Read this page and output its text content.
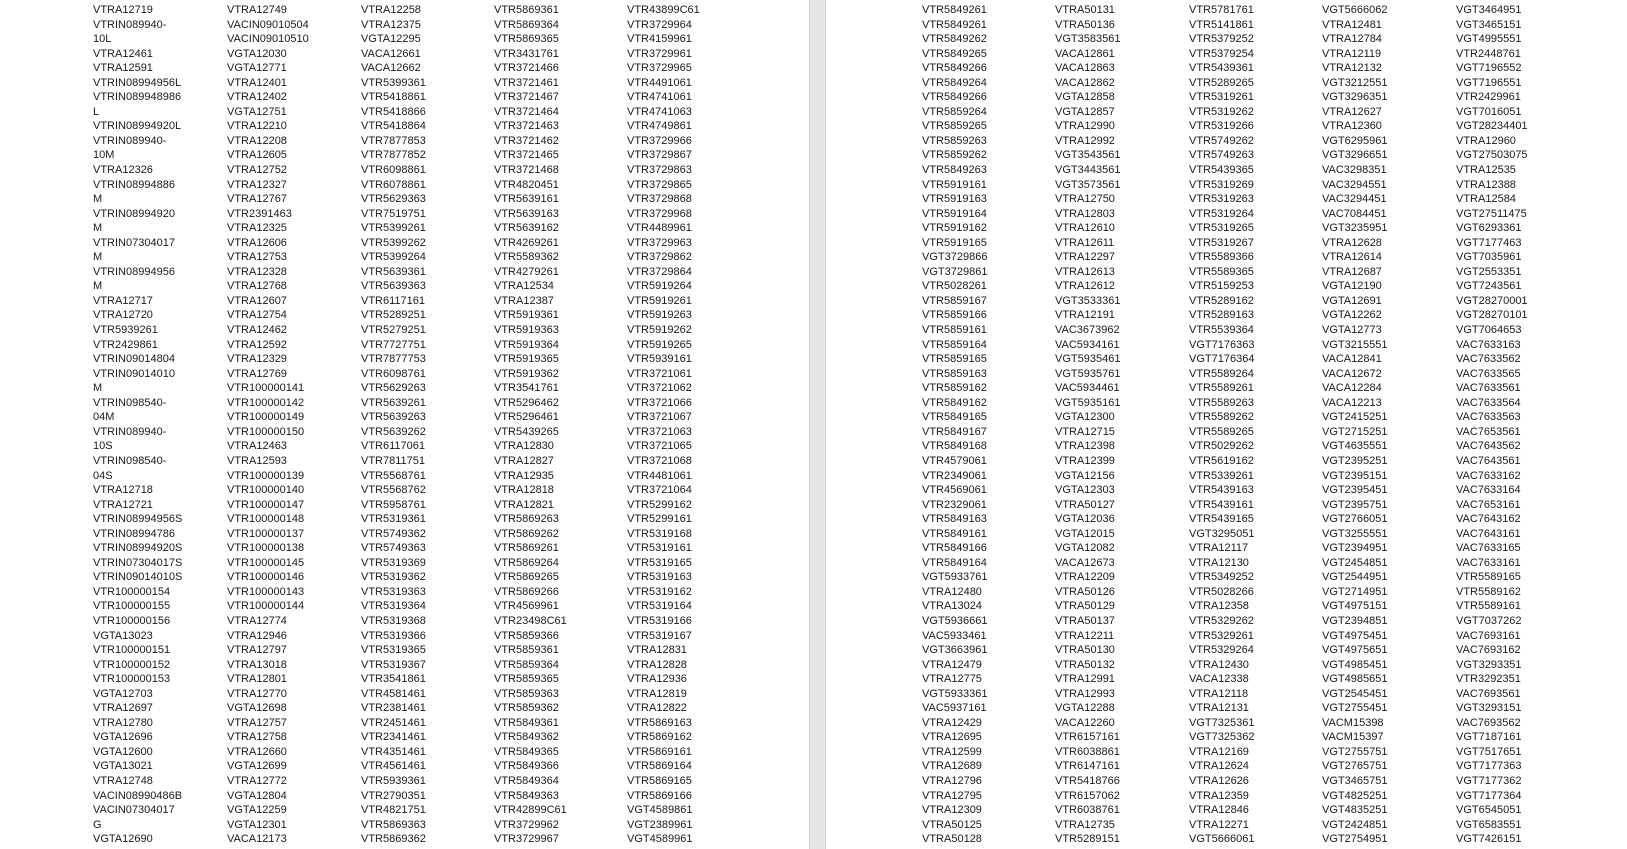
VTRA12719
VTRIN089940-
10L
VTRA12461
VTRA12591
VTRIN08994956L
VTRIN089948986
L
VTRIN08994920L
VTRIN089940-
10M
VTRA12326
VTRIN08994886
M
VTRIN08994920
M
VTRIN07304017
M
VTRIN08994956
M
VTRA12717
VTRA12720
VTR5939261
VTR2429861
VTRIN09014804
VTRIN09014010
M
VTRIN098540-
04M
VTRIN089940-
10S
VTRIN098540-
04S
VTRA12718
VTRA12721
VTRIN08994956S
VTRIN08994786
VTRIN08994920S
VTRIN07304017S
VTRIN09014010S
VTR100000154
VTR100000155
VTR100000156
VGTA13023
VTR100000151
VTR100000152
VTR100000153
VGTA12703
VTRA12697
VTRA12780
VGTA12696
VGTA12600
VGTA13021
VTRA12748
VACIN08990486B
VACIN07304017
G
VGTA12690
VTRA12749
VACIN09010504
VACIN09010510
VGTA12030
VGTA12771
VTRA12401
VTRA12402
VGTA12751
VTRA12210
VTRA12208
VTRA12605
VTRA12752
VTRA12327
VTRA12767
VTR2391463
VTRA12325
VTRA12606
VTRA12753
VTRA12328
VTRA12768
VTRA12607
VTRA12754
VTRA12462
VTRA12592
VTRA12329
VTRA12769
VTR100000141
VTR100000142
VTR100000149
VTR100000150
VTRA12463
VTRA12593
VTR100000139
VTR100000140
VTR100000147
VTR100000148
VTR100000137
VTR100000138
VTR100000145
VTR100000146
VTR100000143
VTR100000144
VTRA12774
VTRA12946
VTRA12797
VTRA13018
VTRA12801
VTRA12770
VGTA12698
VTRA12757
VTRA12758
VTRA12660
VGTA12699
VTRA12772
VGTA12804
VGTA12259
VGTA12301
VACA12173
VTRA12258
VTRA12375
VGTA12295
VACA12661
VACA12662
VTR5399361
VTR5418861
VTR5418866
VTR5418864
VTR7877853
VTR7877852
VTR6098861
VTR6078861
VTR5629363
VTR7519751
VTR5399261
VTR5399262
VTR5399264
VTR5639361
VTR5639363
VTR6117161
VTR5289251
VTR5279251
VTR7727751
VTR7877753
VTR6098761
VTR5629263
VTR5639261
VTR5639263
VTR5639262
VTR6117061
VTR7811751
VTR5568761
VTR5568762
VTR5958761
VTR5319361
VTR5749362
VTR5749363
VTR5319369
VTR5319362
VTR5319363
VTR5319364
VTR5319368
VTR5319366
VTR5319365
VTR5319367
VTR3541861
VTR4581461
VTR2381461
VTR2451461
VTR2341461
VTR4351461
VTR4561461
VTR5939361
VTR2790351
VTR4821751
VTR5869363
VTR5869362
VTR5869361
VTR5869364
VTR5869365
VTR3431761
VTR3721466
VTR3721461
VTR3721467
VTR3721464
VTR3721463
VTR3721462
VTR3721465
VTR3721468
VTR4820451
VTR5639161
VTR5639163
VTR5639162
VTR4269261
VTR5589362
VTR4279261
VTRA12534
VTRA12387
VTR5919361
VTR5919363
VTR5919364
VTR5919365
VTR5919362
VTR3541761
VTR5296462
VTR5296461
VTR5439265
VTRA12830
VTRA12827
VTRA12935
VTRA12818
VTRA12821
VTR5869263
VTR5869262
VTR5869261
VTR5869264
VTR5869265
VTR5869266
VTR4569961
VTR23498C61
VTR5859366
VTR5859361
VTR5859364
VTR5859365
VTR5859363
VTR5859362
VTR5849361
VTR5849362
VTR5849365
VTR5849366
VTR5849364
VTR5849363
VTR42899C61
VTR3729962
VTR3729967
VTR43899C61
VTR3729964
VTR4159961
VTR3729961
VTR3729965
VTR4491061
VTR4741061
VTR4741063
VTR4749861
VTR3729966
VTR3729867
VTR3729863
VTR3729865
VTR3729868
VTR3729968
VTR4489961
VTR3729963
VTR3729862
VTR3729864
VTR5919264
VTR5919261
VTR5919263
VTR5919262
VTR5919265
VTR5939161
VTR3721061
VTR3721062
VTR3721066
VTR3721067
VTR3721063
VTR3721065
VTR3721068
VTR4481061
VTR3721064
VTR5299162
VTR5299161
VTR5319168
VTR5319161
VTR5319165
VTR5319163
VTR5319162
VTR5319164
VTR5319166
VTR5319167
VTRA12831
VTRA12828
VTRA12936
VTRA12819
VTRA12822
VTR5869163
VTR5869162
VTR5869161
VTR5869164
VTR5869165
VTR5869166
VGT4589861
VGT2389961
VGT4589961
VTR5849261
VTR5849261
VTR5849262
VTR5849265
VTR5849266
VTR5849264
VTR5849266
VTR5859264
VTR5859265
VTR5859263
VTR5859262
VTR5849263
VTR5919161
VTR5919163
VTR5919164
VTR5919162
VTR5919165
VGT3729866
VGT3729861
VTR5028261
VTR5859167
VTR5859166
VTR5859161
VTR5859164
VTR5859165
VTR5859163
VTR5859162
VTR5849162
VTR5849165
VTR5849167
VTR5849168
VTR4579061
VTR2349061
VTR4569061
VTR2329061
VTR5849163
VTR5849161
VTR5849166
VTR5849164
VGT5933761
VTRA12480
VTRA13024
VGT5936661
VAC5933461
VGT3663961
VTRA12479
VTRA12775
VGT5933361
VAC5937161
VTRA12429
VTRA12695
VTRA12599
VTRA12689
VTRA12796
VTRA12795
VTRA12309
VTRA50125
VTRA50128
VTRA50131
VTRA50136
VGT3583561
VACA12861
VACA12863
VACA12862
VGTA12858
VGTA12857
VTRA12990
VTRA12992
VGT3543561
VGT3443561
VGT3573561
VTRA12750
VTRA12803
VTRA12610
VTRA12611
VTRA12297
VTRA12613
VTRA12612
VGT3533361
VTRA12191
VAC3673962
VAC5934161
VGT5935461
VGT5935761
VAC5934461
VGT5935161
VGTA12300
VTRA12715
VTRA12398
VTRA12399
VGTA12156
VGTA12303
VTRA50127
VGTA12036
VGTA12015
VGTA12082
VACA12673
VTRA12209
VTRA50126
VTRA50129
VTRA50137
VTRA12211
VTRA50130
VTRA50132
VTRA12991
VTRA12993
VGTA12288
VACA12260
VTR6157161
VTR6038861
VTR6147161
VTR5418766
VTR6157062
VTR6038761
VTRA12735
VTR5289151
VTR5781761
VTR5141861
VTR5379252
VTR5379254
VTR5439361
VTR5289265
VTR5319261
VTR5319262
VTR5319266
VTR5749262
VTR5749263
VTR5439365
VTR5319269
VTR5319263
VTR5319264
VTR5319265
VTR5319267
VTR5589366
VTR5589365
VTR5159253
VTR5289162
VTR5289163
VTR5539364
VGT7176363
VGT7176364
VTR5589264
VTR5589261
VTR5589263
VTR5589262
VTR5589265
VTR5029262
VTR5619162
VTR5339261
VTR5439163
VTR5439161
VTR5439165
VGT3295051
VTRA12117
VTRA12130
VTR5349252
VTR5028266
VTRA12358
VTR5329262
VTR5329261
VTR5329264
VTRA12430
VACA12338
VTRA12118
VTRA12131
VGT7325361
VGT7325362
VTRA12169
VTRA12624
VTRA12626
VTRA12359
VTRA12846
VTRA12271
VGT5666061
VGT5666062
VTRA12481
VTRA12784
VTRA12119
VTRA12132
VGT3212551
VGT3296351
VTRA12627
VTRA12360
VGT6295961
VGT3296651
VAC3298351
VAC3294551
VAC3294451
VAC7084451
VGT3235951
VTRA12628
VTRA12614
VTRA12687
VGTA12190
VGTA12691
VGTA12262
VGTA12773
VGT3215551
VACA12841
VACA12672
VACA12284
VACA12213
VGT2415251
VGT2715251
VGT4635551
VGT2395251
VGT2395151
VGT2395451
VGT2395751
VGT2766051
VGT3255551
VGT2394951
VGT2454851
VGT2544951
VGT2714951
VGT4975151
VGT2394851
VGT4975451
VGT4975651
VGT4985451
VGT4985651
VGT2545451
VGT2755451
VACM15398
VACM15397
VGT2755751
VGT2765751
VGT3465751
VGT4825251
VGT4835251
VGT2424851
VGT2754951
VGT3464951
VGT3465151
VGT4995551
VTR2448761
VGT7196552
VGT7196551
VTR2429961
VGT7016051
VGT28234401
VTRA12960
VGT27503075
VTRA12535
VTRA12388
VTRA12584
VGT27511475
VGT6293361
VGT7177463
VGT7035961
VGT2553351
VGT7243561
VGT28270001
VGT28270101
VGT7064653
VAC7633163
VAC7633562
VAC7633565
VAC7633561
VAC7633564
VAC7633563
VAC7653561
VAC7643562
VAC7643561
VAC7633162
VAC7633164
VAC7653161
VAC7643162
VAC7643161
VAC7633165
VAC7633161
VTR5589165
VTR5589162
VTR5589161
VGT7037262
VAC7693161
VAC7693162
VGT3293351
VTR3292351
VAC7693561
VGT3293151
VAC7693562
VGT7187161
VGT7517651
VGT7177363
VGT7177362
VGT7177364
VGT6545051
VGT6583551
VGT7426151
